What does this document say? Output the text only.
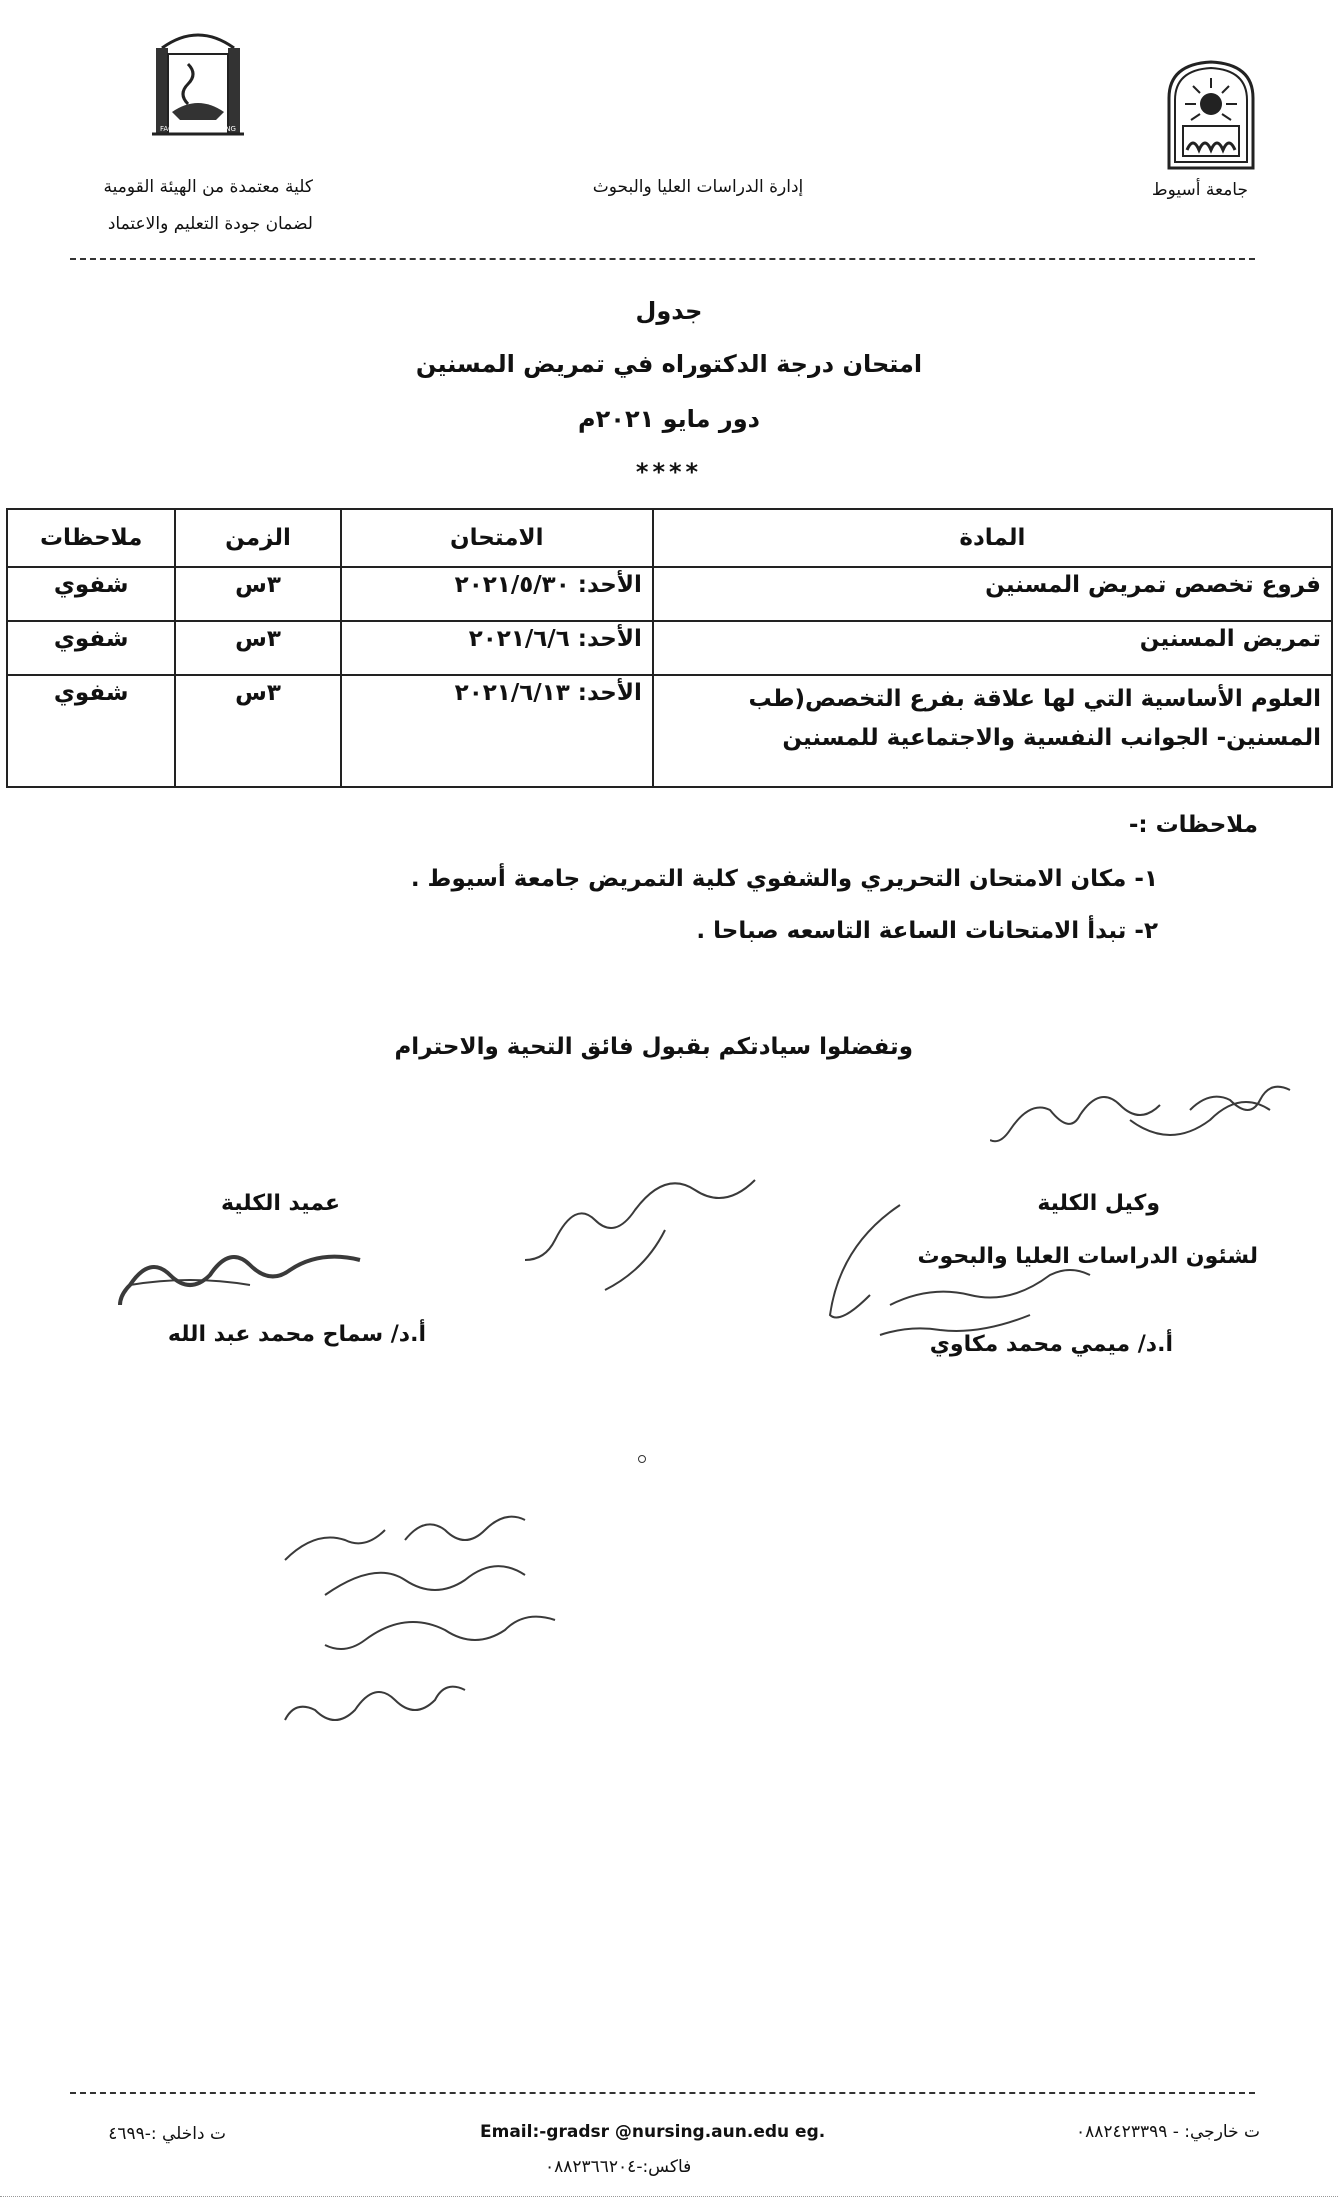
FACULTY OF NURSING
جامعة أسيوط
إدارة الدراسات العليا والبحوث
كلية معتمدة من الهيئة القومية
لضمان جودة التعليم والاعتماد
جدول
امتحان درجة الدكتوراه في تمريض المسنين
دور مايو ٢٠٢١م
****
المادة	الامتحان	الزمن	ملاحظات
فروع تخصص تمريض المسنين	الأحد: ٢٠٢١/٥/٣٠	٣س	شفوي
تمريض المسنين	الأحد: ٢٠٢١/٦/٦	٣س	شفوي
العلوم الأساسية التي لها علاقة بفرع التخصص(طب المسنين- الجوانب النفسية والاجتماعية للمسنين	الأحد: ٢٠٢١/٦/١٣	٣س	شفوي
ملاحظات :-
١- مكان الامتحان التحريري والشفوي كلية التمريض جامعة أسيوط .
٢- تبدأ الامتحانات الساعة التاسعه صباحا .
وتفضلوا سيادتكم بقبول فائق التحية والاحترام
وكيل الكلية
لشئون الدراسات العليا والبحوث
أ.د/ ميمي محمد مكاوي
عميد الكلية
أ.د/ سماح محمد عبد الله
ت خارجي: - ٠٨٨٢٤٢٣٣٩٩
Email:-gradsr @nursing.aun.edu eg.
ت داخلي :-٤٦٩٩
فاكس:-٠٨٨٢٣٦٦٢٠٤
